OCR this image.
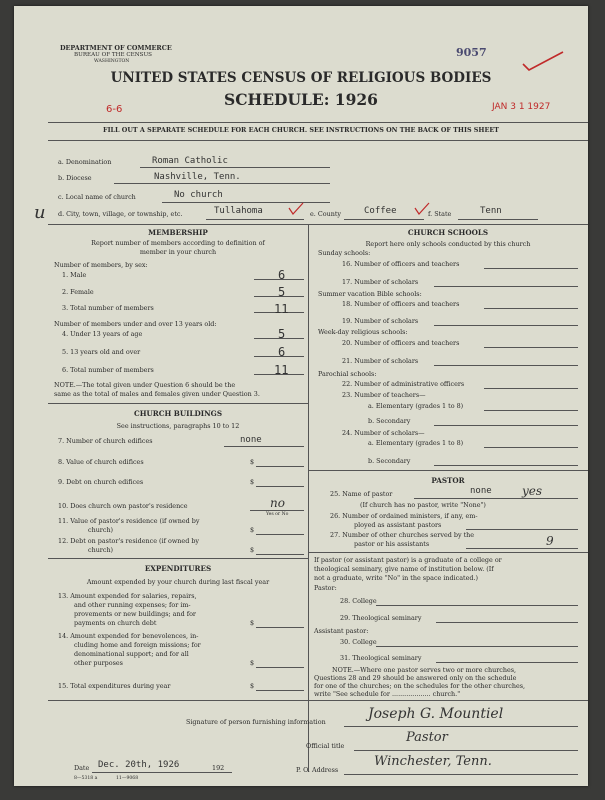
DEPARTMENT OF COMMERCE
BUREAU OF THE CENSUS
WASHINGTON
9057
UNITED STATES CENSUS OF RELIGIOUS BODIES
SCHEDULE: 1926
6-6	JAN 3 1 1927
FILL OUT A SEPARATE SCHEDULE FOR EACH CHURCH. SEE INSTRUCTIONS ON THE BACK OF THIS SHEET
a. Denomination	Roman Catholic
b. Diocese	Nashville, Tenn.
c. Local name of church	No church
u d. City, town, village, or township, etc.	Tullahoma	e. County	Coffee	f. State	Tenn
MEMBERSHIP
Report number of members according to definition of
member in your church
Number of members, by sex:
1. Male	6
2. Female	5
3. Total number of members	11
Number of members under and over 13 years old:
4. Under 13 years of age	5
5. 13 years old and over	6
6. Total number of members	11
NOTE.—The total given under Question 6 should be the
same as the total of males and females given under Question 3.
CHURCH BUILDINGS
See instructions, paragraphs 10 to 12
7. Number of church edifices	none
8. Value of church edifices	$
9. Debt on church edifices	$
10. Does church own pastor's residence	no
Yes or No
11. Value of pastor's residence (if owned by
church)	$
12. Debt on pastor's residence (if owned by
church)	$
EXPENDITURES
Amount expended by your church during last fiscal year
13. Amount expended for salaries, repairs,
and other running expenses; for im-
provements or new buildings; and for
payments on church debt	$
14. Amount expended for benevolences, in-
cluding home and foreign missions; for
denominational support; and for all
other purposes	$
15. Total expenditures during year	$
CHURCH SCHOOLS
Report here only schools conducted by this church
Sunday schools:
16. Number of officers and teachers
17. Number of scholars
Summer vacation Bible schools:
18. Number of officers and teachers
19. Number of scholars
Week-day religious schools:
20. Number of officers and teachers
21. Number of scholars
Parochial schools:
22. Number of administrative officers
23. Number of teachers—
a. Elementary (grades 1 to 8)
b. Secondary
24. Number of scholars—
a. Elementary (grades 1 to 8)
b. Secondary
PASTOR
25. Name of pastor	none	yes
(If church has no pastor, write "None")
26. Number of ordained ministers, if any, em-
ployed as assistant pastors
27. Number of other churches served by the
pastor or his assistants	9
If pastor (or assistant pastor) is a graduate of a college or
theological seminary, give name of institution below. (If
not a graduate, write "No" in the space indicated.)
Pastor:
28. College
29. Theological seminary
Assistant pastor:
30. College
31. Theological seminary
NOTE.—Where one pastor serves two or more churches,
Questions 28 and 29 should be answered only on the schedule
for one of the churches; on the schedules for the other churches,
write "See schedule for ................... church."
Signature of person furnishing information	Joseph G. Mountiel
Official title
Pastor
Date Dec. 20th, 1926	192
8—5318 a	11—9068
P. O. Address
Winchester, Tenn.
